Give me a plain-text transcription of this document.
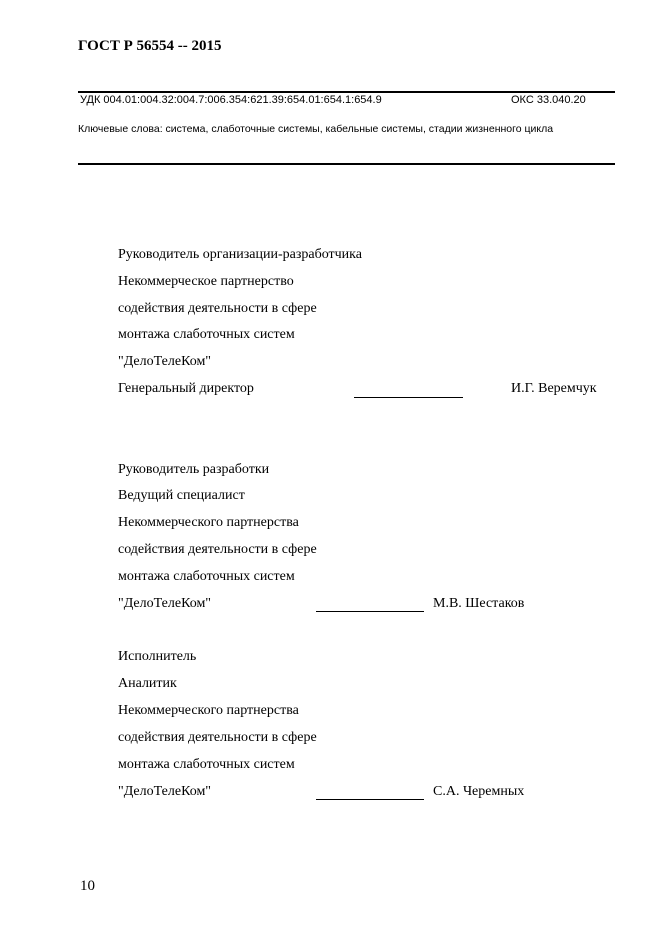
ГОСТ Р 56554 -- 2015
УДК 004.01:004.32:004.7:006.354:621.39:654.01:654.1:654.9	ОКС 33.040.20
Ключевые слова: система, слаботочные системы, кабельные системы, стадии жизненного цикла
Руководитель организации-разработчика
Некоммерческое партнерство
содействия деятельности в сфере
монтажа слаботочных систем
"ДелоТелеКом"
Генеральный директор	И.Г. Веремчук
Руководитель разработки
Ведущий специалист
Некоммерческого партнерства
содействия деятельности в сфере
монтажа слаботочных систем
"ДелоТелеКом"	М.В. Шестаков
Исполнитель
Аналитик
Некоммерческого партнерства
содействия деятельности в сфере
монтажа слаботочных систем
"ДелоТелеКом"	С.А. Черемных
10
